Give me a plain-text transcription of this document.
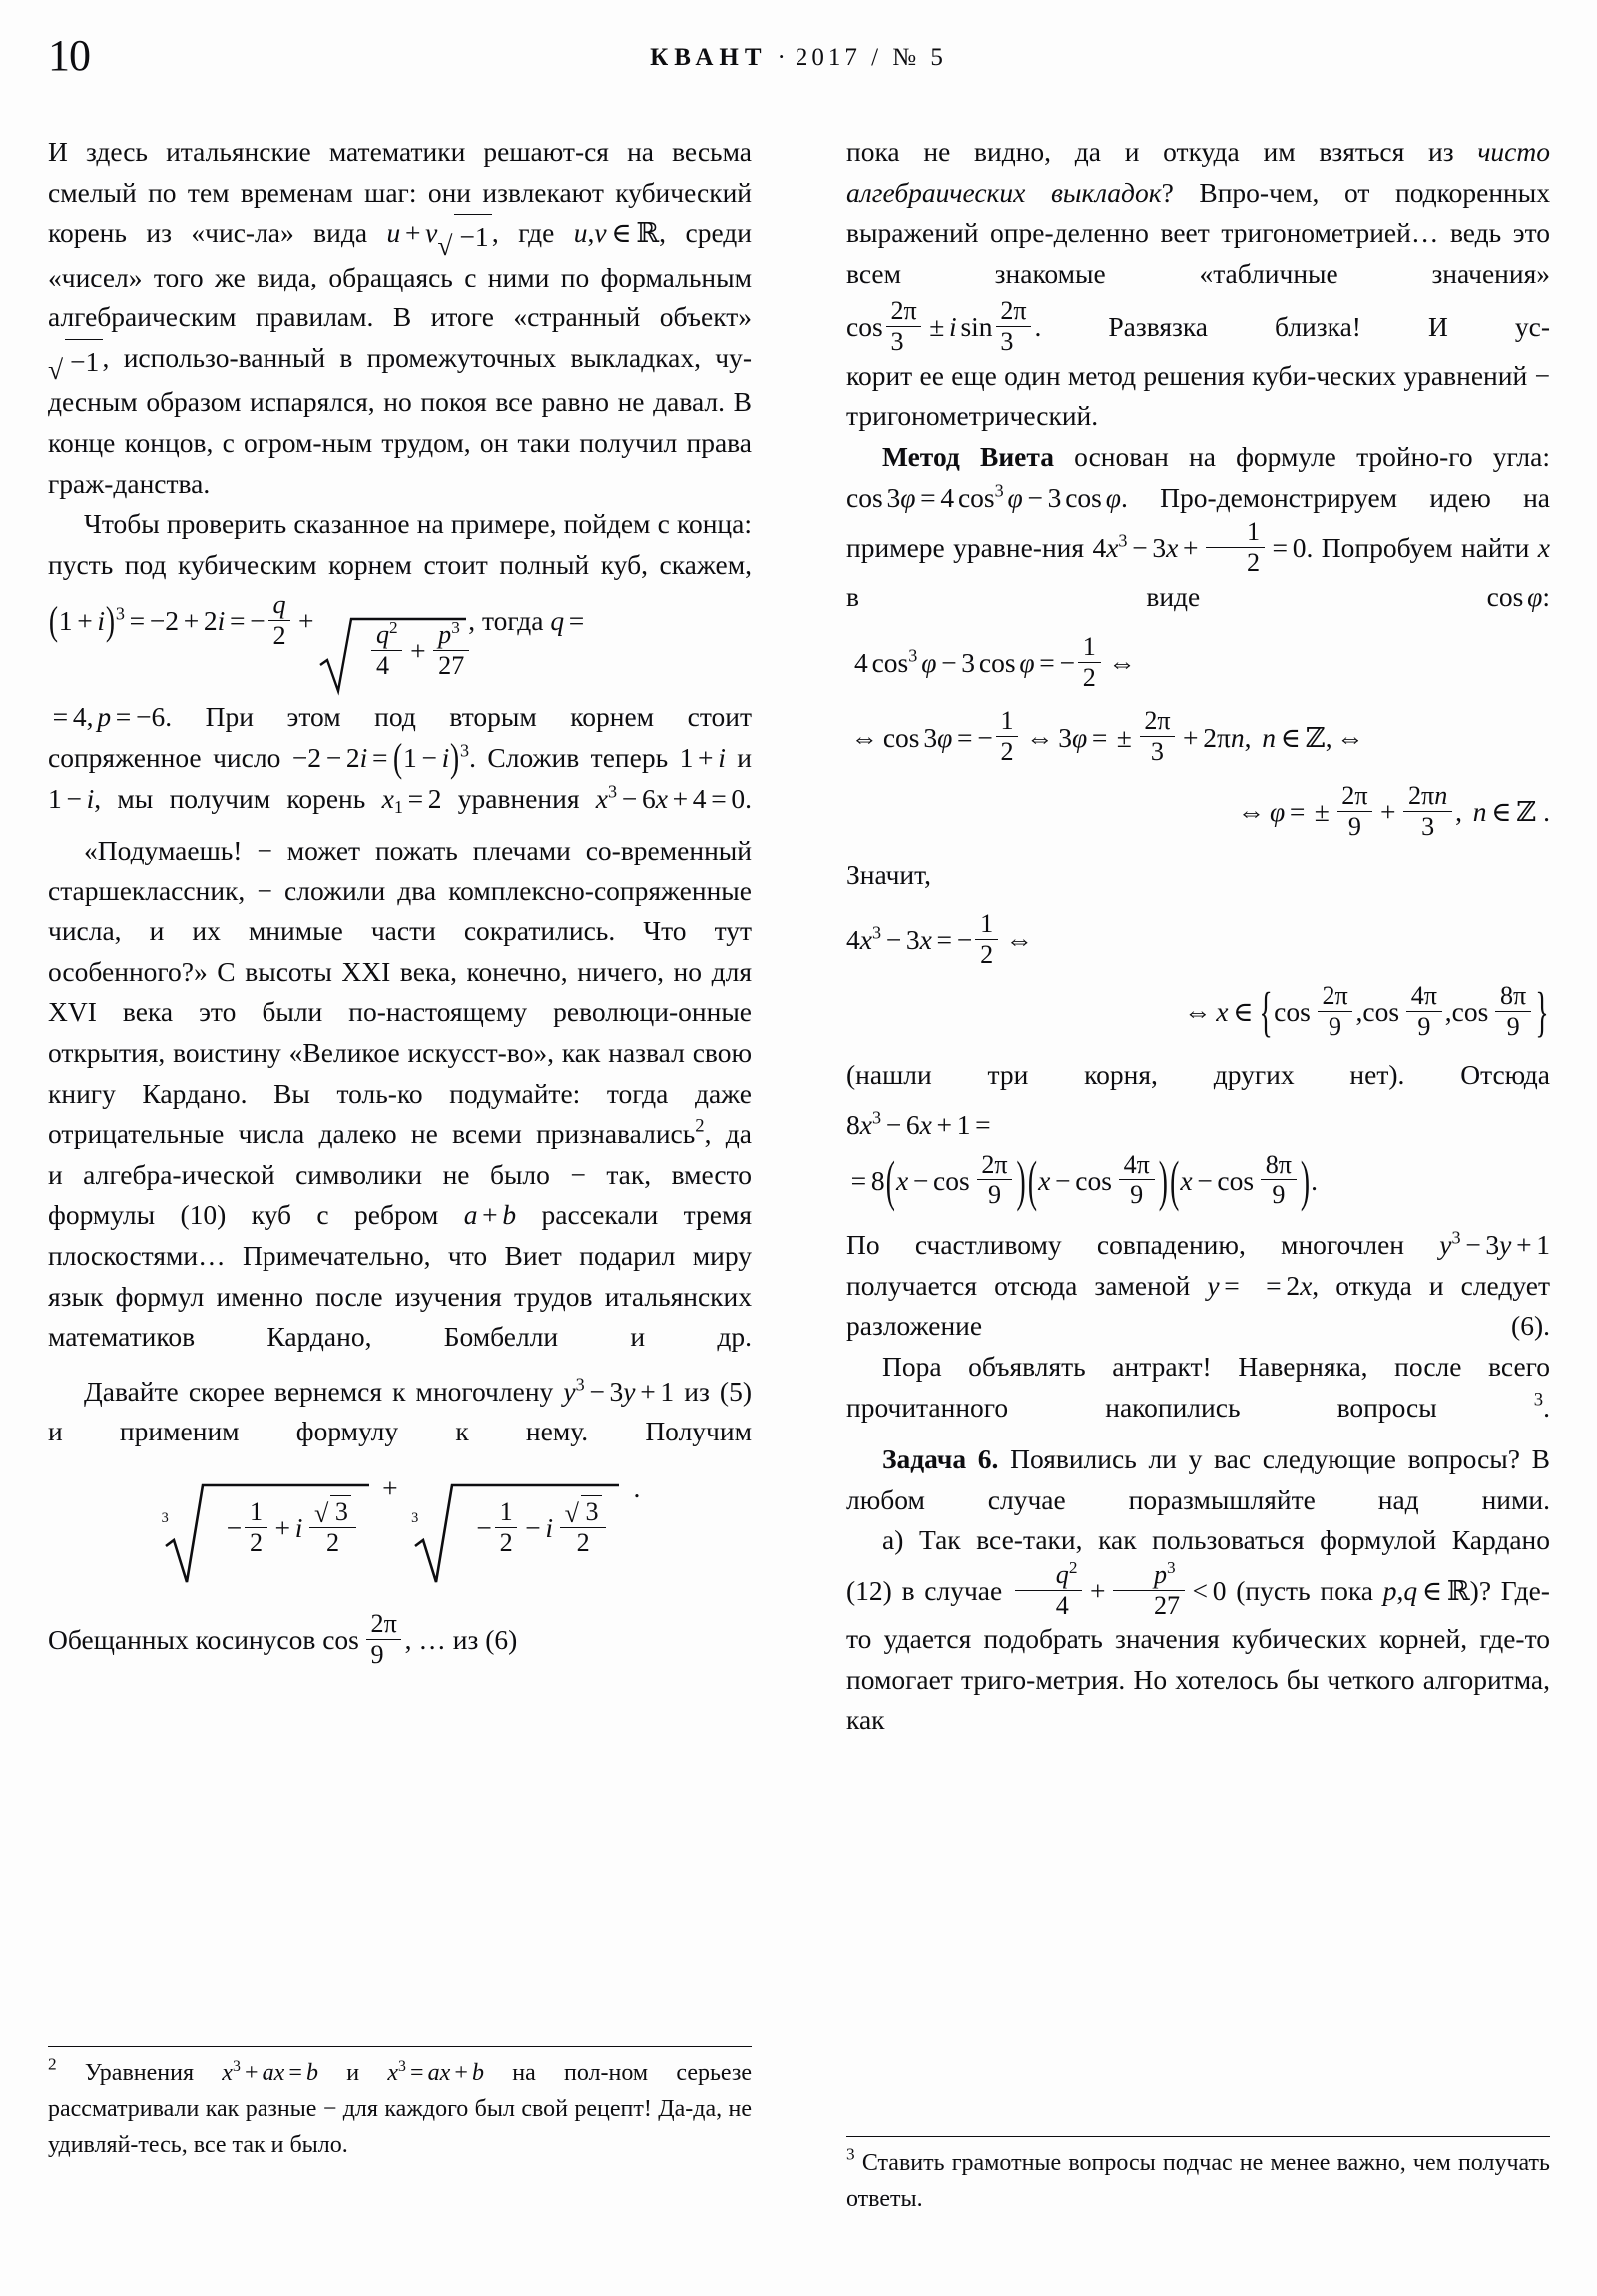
10	КВАНТ · 2017 / № 5

И здесь итальянские математики решают-ся на весьма смелый по тем временам шаг: они извлекают кубический корень из «чис-ла» вида u + v √ −1 , где u,v ∈ ℝ, среди «чисел» того же вида, обращаясь с ними по формальным алгебраическим правилам. В итоге «странный объект»
√ −1 , использо-ванный в промежуточных выкладках, чу-десным образом испарялся, но покоя все равно не давал. В конце концов, с огром-ным трудом, он таки получил права граж-данства.

Чтобы проверить сказанное на примере, пойдем с конца: пусть под кубическим корнем стоит полный куб, скажем,

$(1 + i)^3 = -2 + 2i$ = − $\frac{q}{2}$ +
$\frac{q^2}{4} + \frac{p^3}{27}$
, тогда q =

= 4, p = −6. При этом под вторым корнем стоит сопряженное число $-2 - 2i = (1 - i)^3$. Сложив теперь 1 + i и 1 − i, мы получим корень $x_1 = 2$ уравнения $x^3 - 6x + 4 = 0$.

«Подумаешь! − может пожать плечами со-временный старшеклассник, − сложили два комплексно-сопряженные числа, и их мнимые части сократились. Что тут особенного?» С высоты XXI века, конечно, ничего, но для XVI века это были по-настоящему революци-онные открытия, воистину «Великое искусст-во», как назвал свою книгу Кардано. Вы толь-ко подумайте: тогда даже отрицательные числа далеко не всеми признавались$^2$, да и алгебра-ической символики не было − так, вместо формулы (10) куб с ребром a + b рассекали тремя плоскостями… Примечательно, что Виет подарил миру язык формул именно после изучения трудов итальянских математиков Кардано, Бомбелли и др.

Давайте скорее вернемся к многочлену $y^3 - 3y + 1$ из (5) и применим формулу к нему. Получим

$3 - \frac{1}{2} + i \frac{√ 3}{2}$
+
$3 - \frac{1}{2} - i \frac{√ 3}{2}$
.

Обещанных косинусов $\cos \frac{2\pi}{9}$ , … из (6)

пока не видно, да и откуда им взяться из чисто алгебраических выкладок? Впро-чем, от подкоренных выражений опре-деленно веет тригонометрией… ведь это всем знакомые «табличные значения»

$\cos \frac{2\pi}{3} \pm i$ $\sin \frac{2\pi}{3}$ . Развязка близка! И ус-

корит ее еще один метод решения куби-ческих уравнений − тригонометрический.

Метод Виета основан на формуле тройно-го угла: cos 3φ = 4 $\cos^3 \varphi - 3$ cos φ. Про-демонстрируем идею на примере уравне-ния $4x^3 - 3x + \frac{1}{2} = 0$. Попробуем найти x в виде cos φ:

4 $\cos^3 \varphi - 3$ cos φ = − $\frac{1}{2}$ ⇔
⇔ cos 3φ = − $\frac{1}{2}$ ⇔ 3φ = ± $\frac{2\pi}{3} + 2\pi n$, n ∈ ℤ, ⇔
⇔ φ = ± $\frac{2\pi}{9} + \frac{2\pi n}{3}$ , n ∈ ℤ .

Значит,

$4x^3 - 3x$ = − $\frac{1}{2}$ ⇔
⇔ x ∈ {$\cos \frac{2\pi}{9} ,\cos \frac{4\pi}{9} ,\cos \frac{8\pi}{9}$ }

(нашли три корня, других нет). Отсюда

$8x^3 - 6x + 1$ =
= $8(x - \cos \frac{2\pi}{9} )(x - \cos \frac{4\pi}{9} )(x - \cos \frac{8\pi}{9}$ ).

По счастливому совпадению, многочлен $y^3 - 3y + 1$ получается отсюда заменой y = = 2x, откуда и следует разложение (6).

Пора объявлять антракт! Наверняка, после всего прочитанного накопились вопросы $^3$.

Задача 6. Появились ли у вас следующие вопросы? В любом случае поразмышляйте над ними.

а) Так все-таки, как пользоваться формулой Кардано (12) в случае $\frac{q^2}{4} + \frac{p^3}{27} < 0$ (пусть пока p,q ∈ ℝ)? Где-то удается подобрать значения кубических корней, где-то помогает триго-метрия. Но хотелось бы четкого алгоритма, как

$^2$ Уравнения $x^3$ + ax = b и $x^3$ = ax + b на пол-ном серьезе рассматривали как разные − для каждого был свой рецепт! Да-да, не удивляй-тесь, все так и было.	$^3$ Ставить грамотные вопросы подчас не менее важно, чем получать ответы.
